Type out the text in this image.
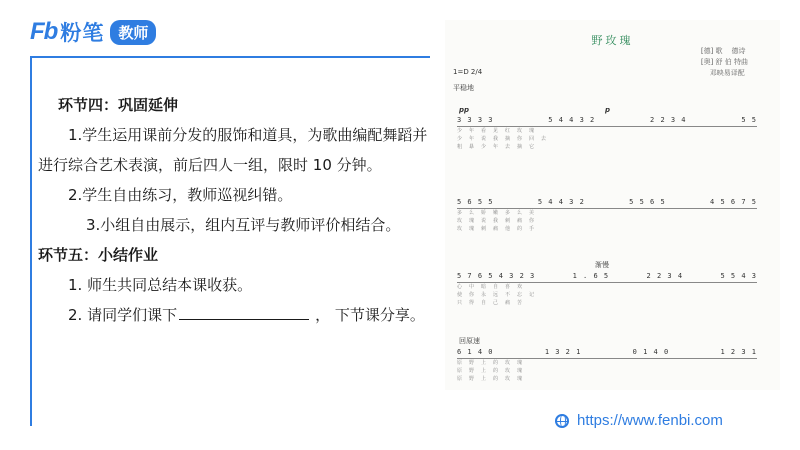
Fb 粉笔 教师
环节四：巩固延伸
1.学生运用课前分发的服饰和道具，为歌曲编配舞蹈并进行综合艺术表演，前后四人一组，限时 10 分钟。
2.学生自由练习，教师巡视纠错。
3.小组自由展示，组内互评与教师评价相结合。
环节五：小结作业
1. 师生共同总结本课收获。
2. 请同学们课下	， 下节课分享。
野玫瑰
[德] 歌    德诗
[奥] 舒 伯 特曲
邓映易译配
1=D 2/4
平稳地
pp	p
3 3 3 3	5 4 4 3 2	2 2 3 4	5 5
少年看见红玫瑰
少年说我摘你回去
粗暴少年去摘它
5 6 5 5	5 4 4 3 2	5 5 6 5	4 5 6 7 5
多么娇嫩多么美
玫瑰说我刺痛你
玫瑰刺痛他的手
5 7 6 5 4 3 2 3	1 . 6 5	2 2 3 4	5 5 4 3
心中暗自喜欢
使你永远不忘记
只得自己痛苦
渐慢
回原速
6 1 4 0	1 3 2 1	0 1 4 0	1 2 3 1
原野上的玫瑰
原野上的玫瑰
原野上的玫瑰
https://www.fenbi.com
